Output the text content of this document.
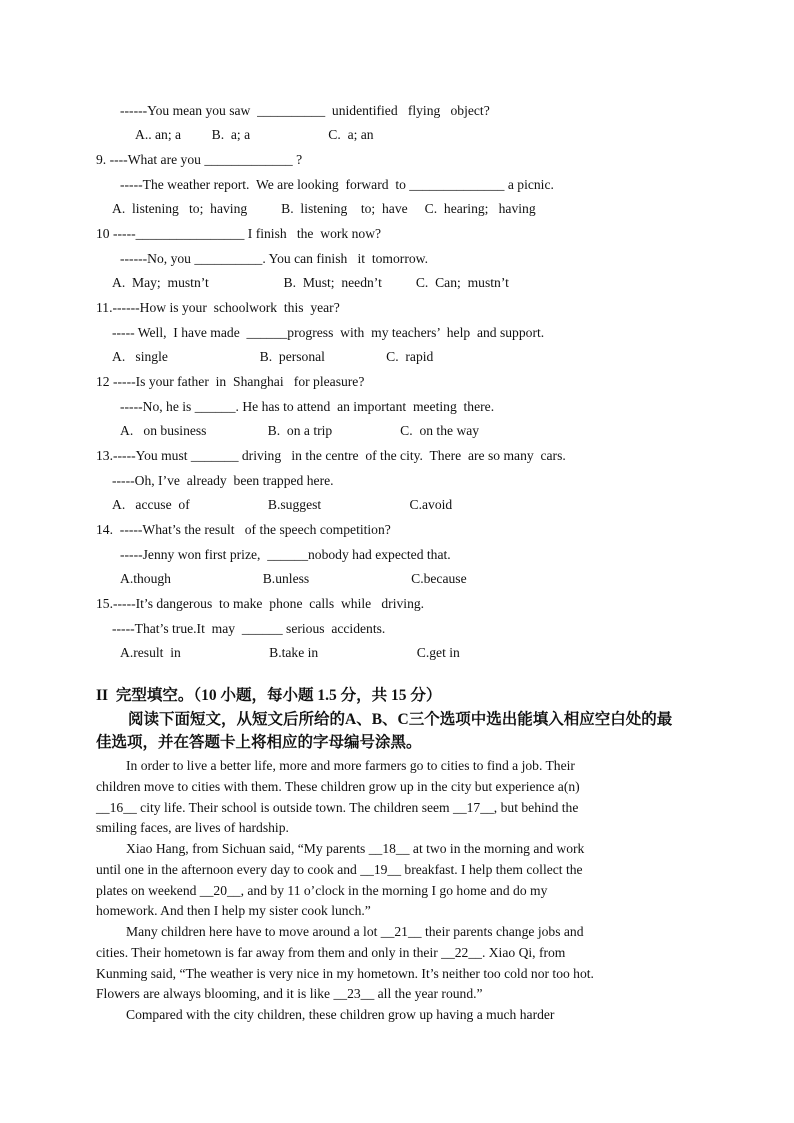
------You mean you saw  __________  unidentified   flying   object?
A.. an; a         B.  a; a                       C.  a; an
9. ----What are you _____________ ?
-----The weather report.  We are looking  forward  to ______________ a picnic.
A.  listening   to;  having          B.  listening    to;  have     C.  hearing;   having
10 -----________________ I finish   the  work now?
------No, you __________. You can finish   it  tomorrow.
A.  May;  mustn’t                      B.  Must;  needn’t          C.  Can;  mustn’t
11.------How is your  schoolwork  this  year?
----- Well,  I have made  ______progress  with  my teachers’  help  and support.
A.   single                           B.  personal                  C.  rapid
12 -----Is your father  in  Shanghai   for pleasure?
-----No, he is ______. He has to attend  an important  meeting  there.
A.   on business                  B.  on a trip                    C.  on the way
13.-----You must _______ driving   in the centre  of the city.  There  are so many  cars.
-----Oh, I’ve  already  been trapped here.
A.   accuse  of                       B.suggest                          C.avoid
14.  -----What’s the result   of the speech competition?
-----Jenny won first prize,  ______nobody had expected that.
A.though                           B.unless                              C.because
15.-----It’s dangerous  to make  phone  calls  while   driving.
-----That’s true.It  may  ______ serious  accidents.
A.result  in                          B.take in                             C.get in
II  完型填空。（10 小题，每小题 1.5 分，共 15 分）
阅读下面短文，从短文后所给的A、B、C三个选项中选出能填入相应空白处的最
佳选项，并在答题卡上将相应的字母编号涂黑。
In order to live a better life, more and more farmers go to cities to find a job. Their
children move to cities with them. These children grow up in the city but experience a(n)
__16__ city life. Their school is outside town. The children seem __17__, but behind the
smiling faces, are lives of hardship.
Xiao Hang, from Sichuan said, “My parents __18__ at two in the morning and work
until one in the afternoon every day to cook and __19__ breakfast. I help them collect the
plates on weekend __20__, and by 11 o’clock in the morning I go home and do my
homework. And then I help my sister cook lunch.”
Many children here have to move around a lot __21__ their parents change jobs and
cities. Their hometown is far away from them and only in their __22__. Xiao Qi, from
Kunming said, “The weather is very nice in my hometown. It’s neither too cold nor too hot.
Flowers are always blooming, and it is like __23__ all the year round.”
Compared with the city children, these children grow up having a much harder
